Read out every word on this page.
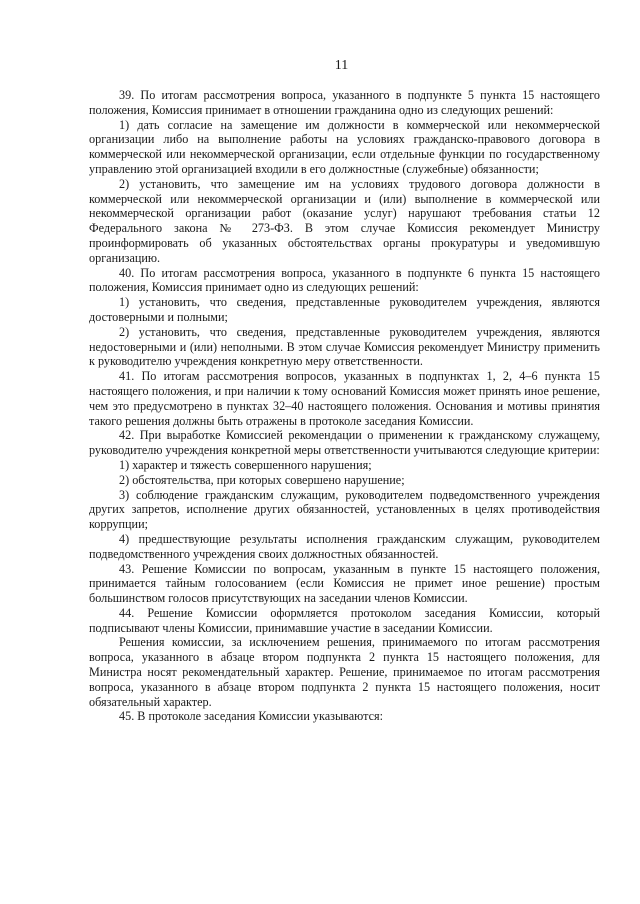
11

39. По итогам рассмотрения вопроса, указанного в подпункте 5 пункта 15 настоящего положения, Комиссия принимает в отношении гражданина одно из следующих решений:

1) дать согласие на замещение им должности в коммерческой или некоммерческой организации либо на выполнение работы на условиях гражданско-правового договора в коммерческой или некоммерческой организации, если отдельные функции по государственному управлению этой организацией входили в его должностные (служебные) обязанности;

2) установить, что замещение им на условиях трудового договора должности в коммерческой или некоммерческой организации и (или) выполнение в коммерческой или некоммерческой организации работ (оказание услуг) нарушают требования статьи 12 Федерального закона № 273-ФЗ. В этом случае Комиссия рекомендует Министру проинформировать об указанных обстоятельствах органы прокуратуры и уведомившую организацию.

40. По итогам рассмотрения вопроса, указанного в подпункте 6 пункта 15 настоящего положения, Комиссия принимает одно из следующих решений:

1) установить, что сведения, представленные руководителем учреждения, являются достоверными и полными;

2) установить, что сведения, представленные руководителем учреждения, являются недостоверными и (или) неполными. В этом случае Комиссия рекомендует Министру применить к руководителю учреждения конкретную меру ответственности.

41. По итогам рассмотрения вопросов, указанных в подпунктах 1, 2, 4–6 пункта 15 настоящего положения, и при наличии к тому оснований Комиссия может принять иное решение, чем это предусмотрено в пунктах 32–40 настоящего положения. Основания и мотивы принятия такого решения должны быть отражены в протоколе заседания Комиссии.

42. При выработке Комиссией рекомендации о применении к гражданскому служащему, руководителю учреждения конкретной меры ответственности учитываются следующие критерии:

1) характер и тяжесть совершенного нарушения;

2) обстоятельства, при которых совершено нарушение;

3) соблюдение гражданским служащим, руководителем подведомственного учреждения других запретов, исполнение других обязанностей, установленных в целях противодействия коррупции;

4) предшествующие результаты исполнения гражданским служащим, руководителем подведомственного учреждения своих должностных обязанностей.

43. Решение Комиссии по вопросам, указанным в пункте 15 настоящего положения, принимается тайным голосованием (если Комиссия не примет иное решение) простым большинством голосов присутствующих на заседании членов Комиссии.

44. Решение Комиссии оформляется протоколом заседания Комиссии, который подписывают члены Комиссии, принимавшие участие в заседании Комиссии.

Решения комиссии, за исключением решения, принимаемого по итогам рассмотрения вопроса, указанного в абзаце втором подпункта 2 пункта 15 настоящего положения, для Министра носят рекомендательный характер. Решение, принимаемое по итогам рассмотрения вопроса, указанного в абзаце втором подпункта 2 пункта 15 настоящего положения, носит обязательный характер.

45. В протоколе заседания Комиссии указываются:
